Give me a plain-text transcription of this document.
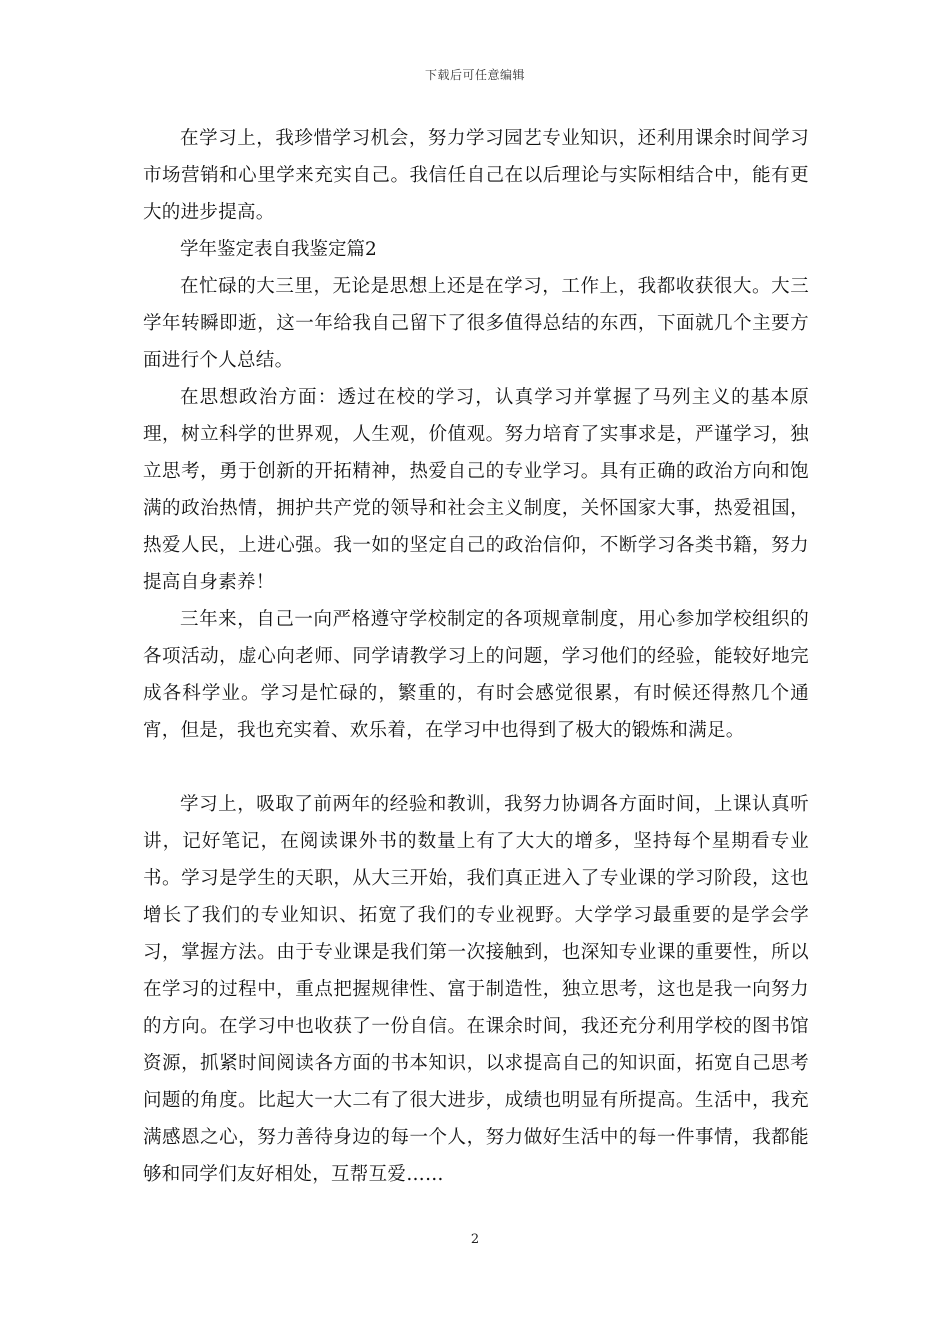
下载后可任意编辑

在学习上，我珍惜学习机会，努力学习园艺专业知识，还利用课余时间学习市场营销和心里学来充实自己。我信任自己在以后理论与实际相结合中，能有更大的进步提高。

学年鉴定表自我鉴定篇2

在忙碌的大三里，无论是思想上还是在学习，工作上，我都收获很大。大三学年转瞬即逝，这一年给我自己留下了很多值得总结的东西，下面就几个主要方面进行个人总结。

在思想政治方面：透过在校的学习，认真学习并掌握了马列主义的基本原理，树立科学的世界观，人生观，价值观。努力培育了实事求是，严谨学习，独立思考，勇于创新的开拓精神，热爱自己的专业学习。具有正确的政治方向和饱满的政治热情，拥护共产党的领导和社会主义制度，关怀国家大事，热爱祖国，热爱人民，上进心强。我一如的坚定自己的政治信仰，不断学习各类书籍，努力提高自身素养！

三年来，自己一向严格遵守学校制定的各项规章制度，用心参加学校组织的各项活动，虚心向老师、同学请教学习上的问题，学习他们的经验，能较好地完成各科学业。学习是忙碌的，繁重的，有时会感觉很累，有时候还得熬几个通宵，但是，我也充实着、欢乐着，在学习中也得到了极大的锻炼和满足。

学习上，吸取了前两年的经验和教训，我努力协调各方面时间，上课认真听讲，记好笔记，在阅读课外书的数量上有了大大的增多，坚持每个星期看专业书。学习是学生的天职，从大三开始，我们真正进入了专业课的学习阶段，这也增长了我们的专业知识、拓宽了我们的专业视野。大学学习最重要的是学会学习，掌握方法。由于专业课是我们第一次接触到，也深知专业课的重要性，所以在学习的过程中，重点把握规律性、富于制造性，独立思考，这也是我一向努力的方向。在学习中也收获了一份自信。在课余时间，我还充分利用学校的图书馆资源，抓紧时间阅读各方面的书本知识，以求提高自己的知识面，拓宽自己思考问题的角度。比起大一大二有了很大进步，成绩也明显有所提高。生活中，我充满感恩之心，努力善待身边的每一个人，努力做好生活中的每一件事情，我都能够和同学们友好相处，互帮互爱……

2
